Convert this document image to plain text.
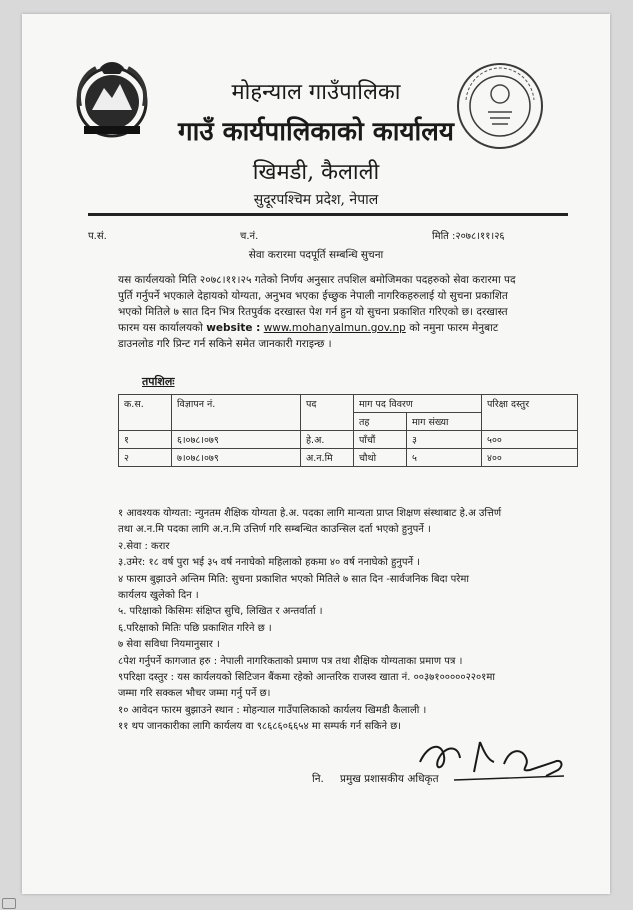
मोहन्याल गाउँपालिका
गाउँ कार्यपालिकाको कार्यालय
खिमडी, कैलाली
सुदूरपश्चिम प्रदेश, नेपाल
प.सं.	च.नं.	मिति :२०७८।११।२६
सेवा करारमा पदपूर्ति सम्बन्धि सुचना
यस कार्यलयको मिति २०७८।११।२५ गतेको निर्णय अनुसार तपशिल बमोजिमका पदहरुको सेवा करारमा पद
पुर्ति गर्नुपर्ने भएकाले देहायको योग्यता, अनुभव भएका ईच्छुक नेपाली नागरिकहरुलाई यो सुचना प्रकाशित
भएको मितिले ७ सात दिन भित्र रितपुर्वक दरखास्त पेश गर्न हुन यो सुचना प्रकाशित गरिएको छ। दरखास्त
फारम यस कार्यालयको website : www.mohanyalmun.gov.np को नमुना फारम मेनुबाट
डाउनलोड गरि प्रिन्ट गर्न सकिने समेत जानकारी गराइन्छ ।
तपशिलः
क.स.	विज्ञापन नं.	पद	माग पद विवरण		परिक्षा दस्तुर
			तह	माग संख्या	
१	६।०७८।०७९	हे.अ.	पाँचौं	३	५००
२	७।०७८।०७९	अ.न.मि	चौथो	५	४००
१ आवश्यक योग्यता: न्युनतम शैक्षिक योग्यता हे.अ. पदका लागि मान्यता प्राप्त शिक्षण संस्थाबाट हे.अ उत्तिर्ण
तथा अ.न.मि पदका लागि अ.न.मि उत्तिर्ण गरि सम्बन्धित काउन्सिल दर्ता भएको हुनुपर्ने ।
२.सेवा : करार
३.उमेर: १८ वर्ष पुरा भई ३५ वर्ष ननाघेको महिलाको हकमा ४० वर्ष ननाघेको हुनुपर्ने ।
४ फारम बुझाउने अन्तिम मिति: सुचना प्रकाशित भएको मितिले ७ सात दिन -सार्वजनिक बिदा परेमा
कार्यलय खुलेको दिन ।
५. परिक्षाको किसिमः संक्षिप्त सुचि, लिखित र अन्तर्वार्ता ।
६.परिक्षाको मितिः पछि प्रकाशित गरिने छ ।
७ सेवा सविधा नियमानुसार ।
८पेश गर्नुपर्ने कागजात हरु : नेपाली नागरिकताको प्रमाण पत्र तथा शैक्षिक योग्यताका प्रमाण पत्र ।
९परिक्षा दस्तुर : यस कार्यलयको सिटिजन बैंकमा रहेको आन्तरिक राजस्व खाता नं. ००३७१०००००२२०१मा
जम्मा गरि सक्कल भौचर जम्मा गर्नु पर्ने छ।
१० आवेदन फारम बुझाउने स्थान : मोहन्याल गाउँपालिकाको कार्यलय खिमडी कैलाली ।
११ थप जानकारीका लागि कार्यलय वा ९८६८६०६६५४ मा सम्पर्क गर्न सकिने छ।
नि. प्रमुख प्रशासकीय अधिकृत
